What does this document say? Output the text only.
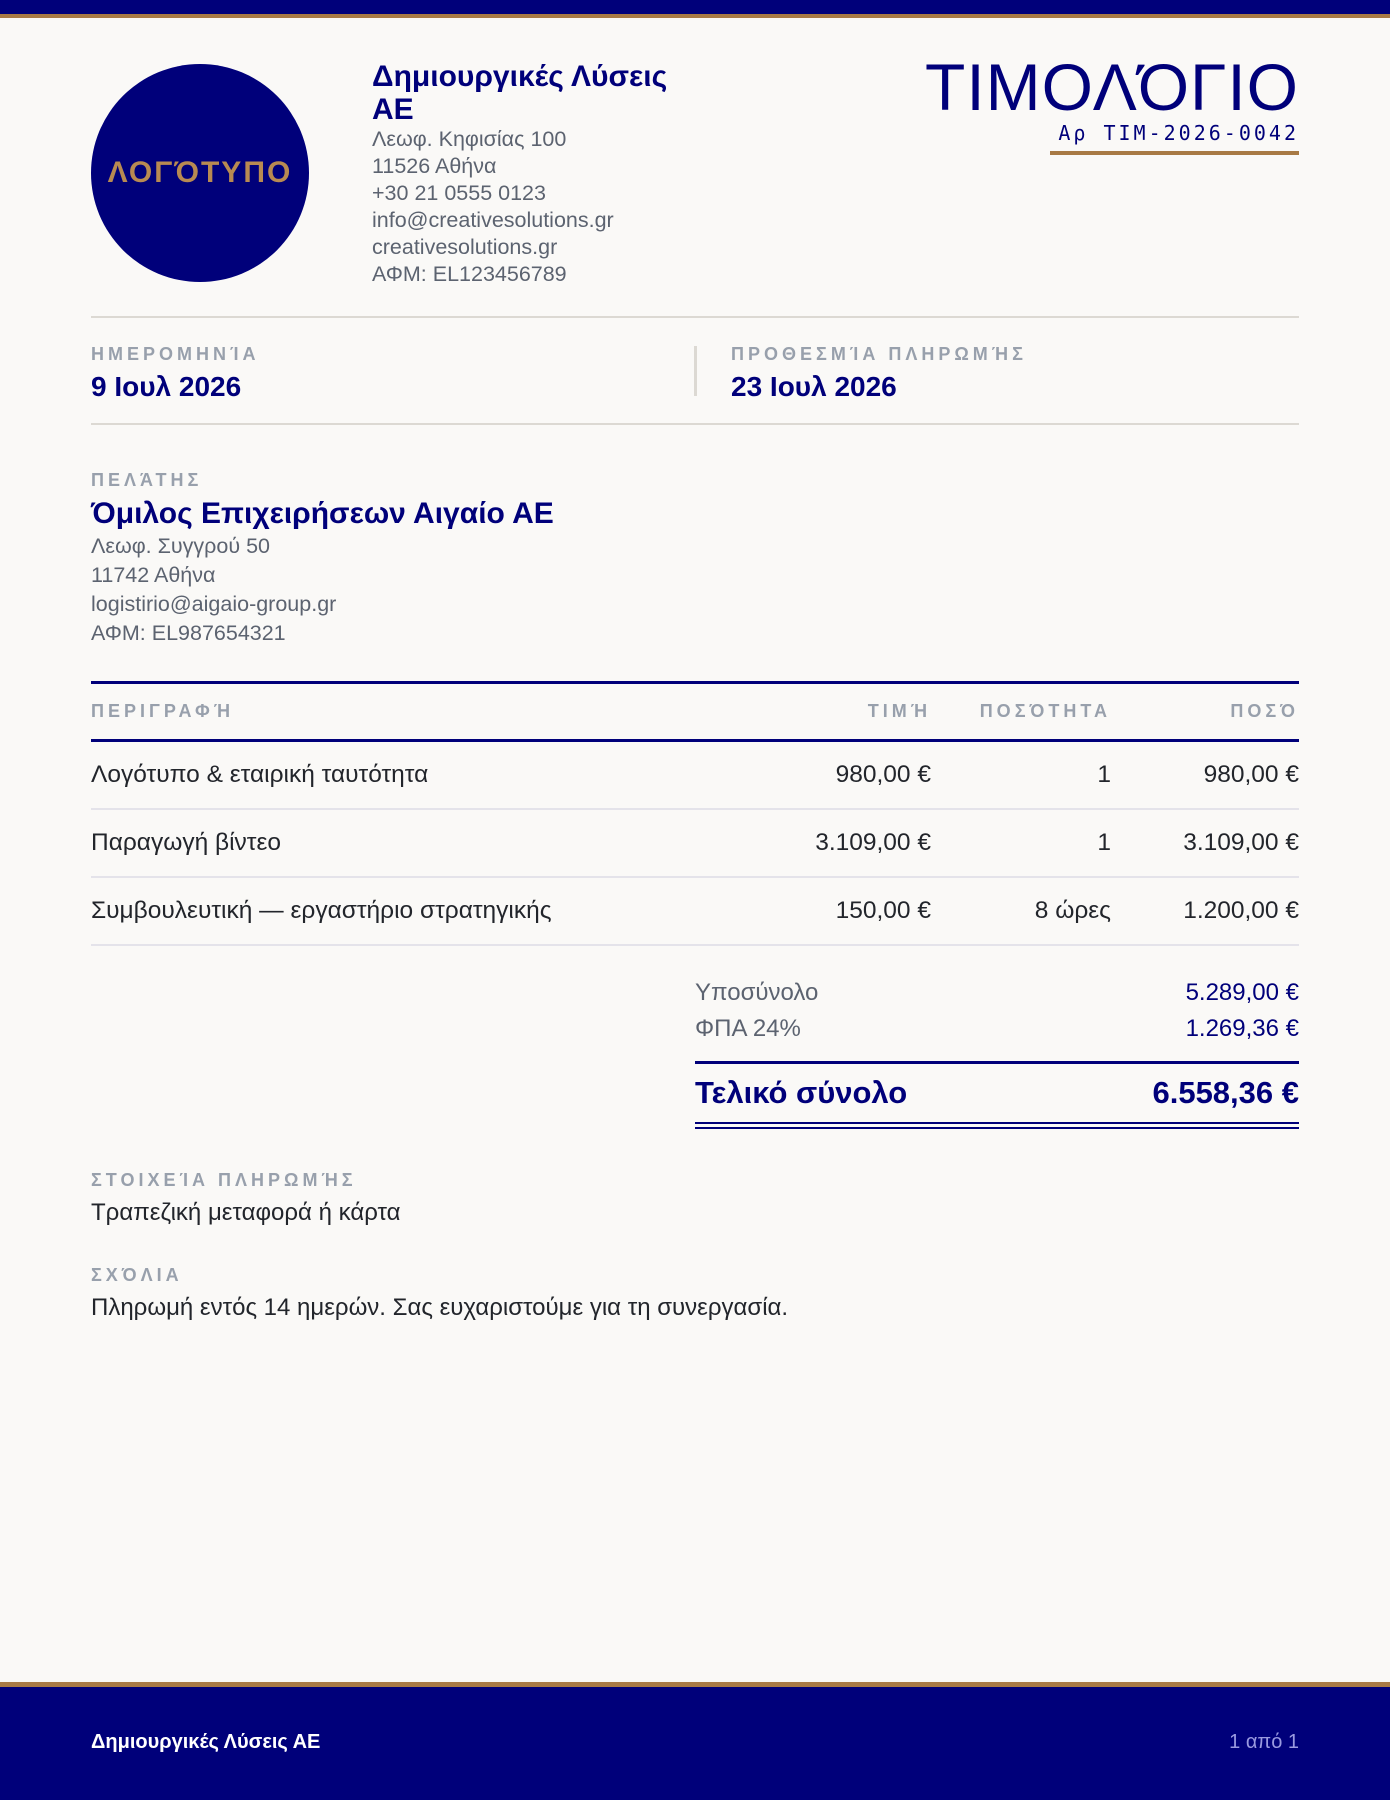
ΛΟΓΌΤΥΠΟ
Δημιουργικές Λύσεις ΑΕ
Λεωφ. Κηφισίας 100
11526 Αθήνα
+30 21 0555 0123
info@creativesolutions.gr
creativesolutions.gr
ΑΦΜ: EL123456789
ΤΙΜΟΛΌΓΙΟ
Αρ ΤΙΜ-2026-0042
ΗΜΕΡΟΜΗΝΊΑ
9 Ιουλ 2026
ΠΡΟΘΕΣΜΊΑ ΠΛΗΡΩΜΉΣ
23 Ιουλ 2026
ΠΕΛΆΤΗΣ
Όμιλος Επιχειρήσεων Αιγαίο ΑΕ
Λεωφ. Συγγρού 50
11742 Αθήνα
logistirio@aigaio-group.gr
ΑΦΜ: EL987654321
ΠΕΡΙΓΡΑΦΉ	ΤΙΜΉ	ΠΟΣΌΤΗΤΑ	ΠΟΣΌ
Λογότυπο & εταιρική ταυτότητα	980,00 €	1	980,00 €
Παραγωγή βίντεο	3.109,00 €	1	3.109,00 €
Συμβουλευτική — εργαστήριο στρατηγικής	150,00 €	8 ώρες	1.200,00 €
Υποσύνολο	5.289,00 €
ΦΠΑ 24%	1.269,36 €
Τελικό σύνολο	6.558,36 €
ΣΤΟΙΧΕΊΑ ΠΛΗΡΩΜΉΣ
Τραπεζική μεταφορά ή κάρτα
ΣΧΌΛΙΑ
Πληρωμή εντός 14 ημερών. Σας ευχαριστούμε για τη συνεργασία.
Δημιουργικές Λύσεις ΑΕ	1 από 1
